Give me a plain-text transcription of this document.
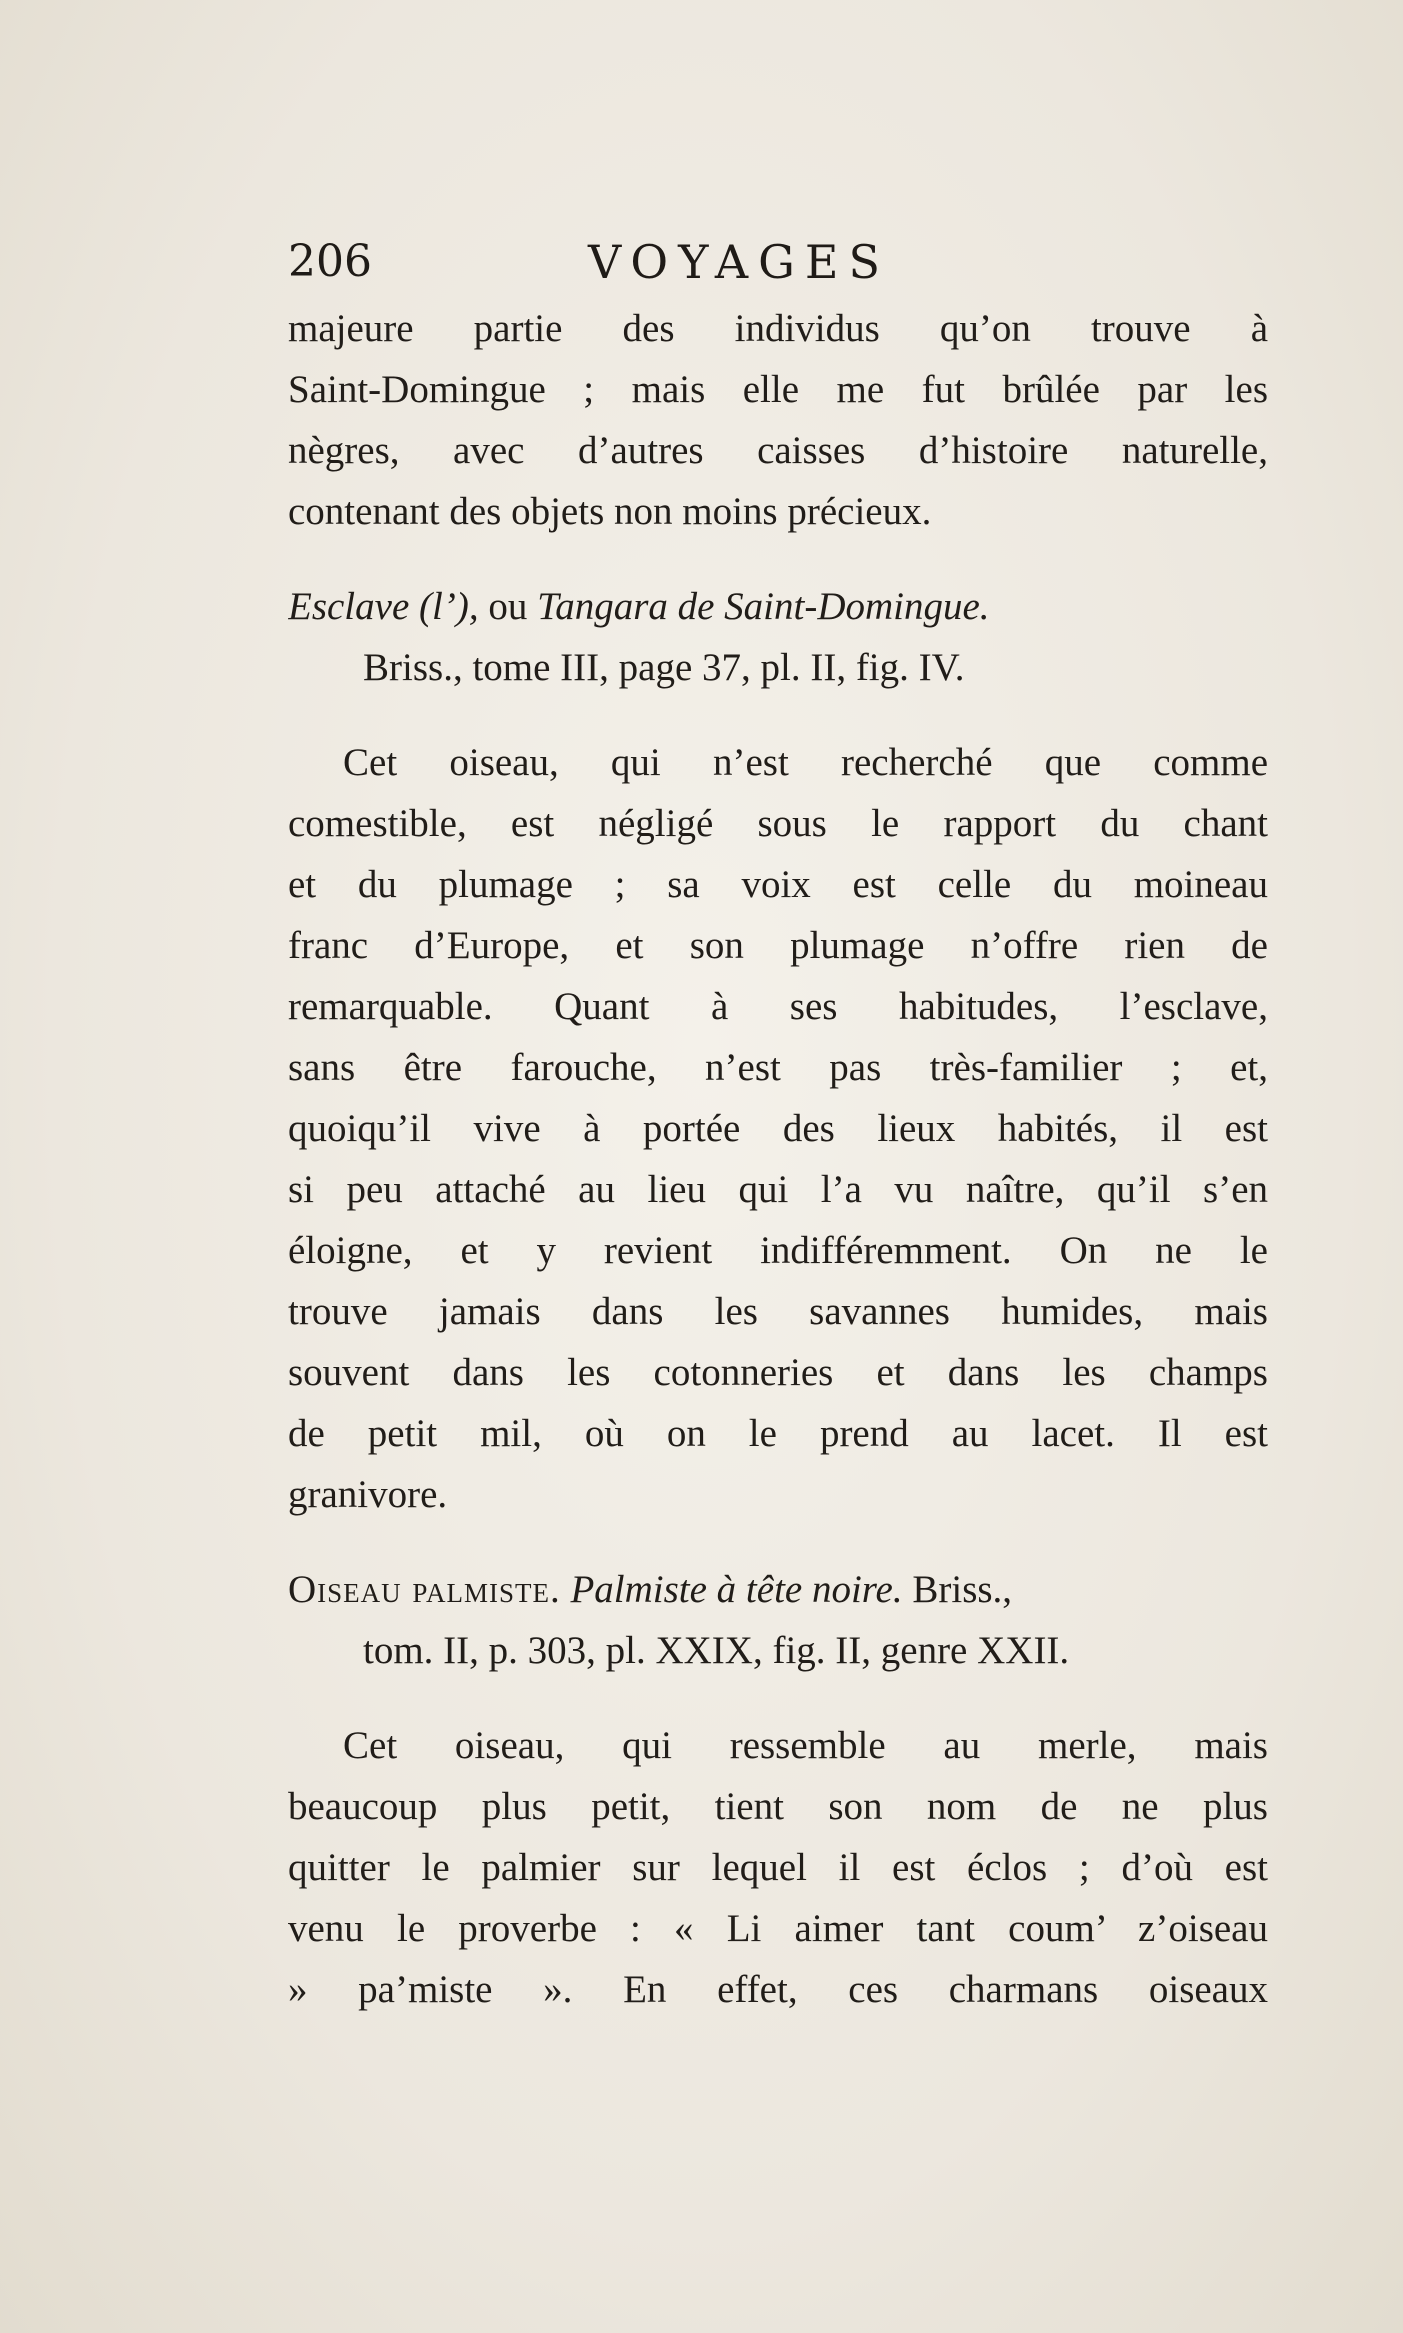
206	VOYAGES
majeure partie des individus qu’on trouve à
Saint-Domingue ; mais elle me fut brûlée par les
nègres, avec d’autres caisses d’histoire naturelle,
contenant des objets non moins précieux.
Esclave (l’), ou Tangara de Saint-Domingue.
Briss., tome III, page 37, pl. II, fig. IV.
Cet oiseau, qui n’est recherché que comme
comestible, est négligé sous le rapport du chant
et du plumage ; sa voix est celle du moineau
franc d’Europe, et son plumage n’offre rien de
remarquable. Quant à ses habitudes, l’esclave,
sans être farouche, n’est pas très-familier ; et,
quoiqu’il vive à portée des lieux habités, il est
si peu attaché au lieu qui l’a vu naître, qu’il s’en
éloigne, et y revient indifféremment. On ne le
trouve jamais dans les savannes humides, mais
souvent dans les cotonneries et dans les champs
de petit mil, où on le prend au lacet. Il est
granivore.
Oiseau palmiste. Palmiste à tête noire. Briss.,
tom. II, p. 303, pl. XXIX, fig. II, genre XXII.
Cet oiseau, qui ressemble au merle, mais
beaucoup plus petit, tient son nom de ne plus
quitter le palmier sur lequel il est éclos ; d’où est
venu le proverbe : « Li aimer tant coum’ z’oiseau
» pa’miste ». En effet, ces charmans oiseaux
